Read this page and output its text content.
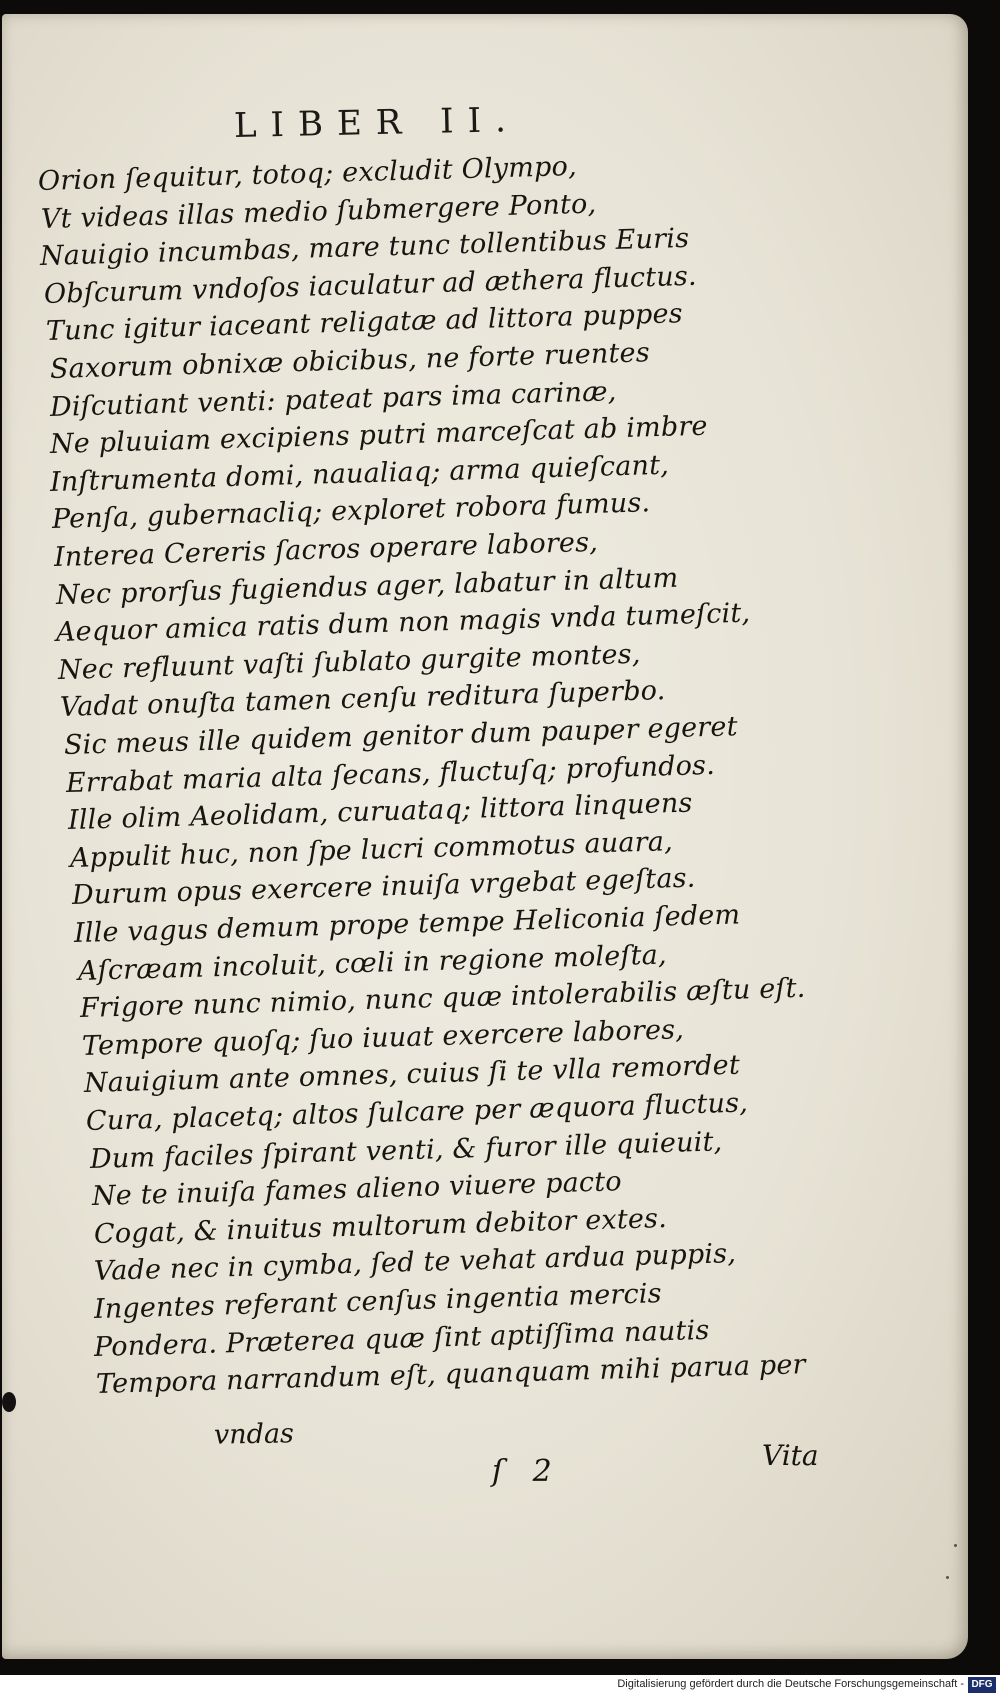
LIBER II.
Orion ſequitur, totoq; excludit Olympo,
Vt videas illas medio ſubmergere Ponto,
Nauigio incumbas, mare tunc tollentibus Euris
Obſcurum vndoſos iaculatur ad æthera fluctus.
Tunc igitur iaceant religatæ ad littora puppes
Saxorum obnixæ obicibus, ne forte ruentes
Diſcutiant venti: pateat pars ima carinæ,
Ne pluuiam excipiens putri marceſcat ab imbre
Inſtrumenta domi, naualiaq; arma quieſcant,
Penſa, gubernacliq; exploret robora fumus.
Interea Cereris ſacros operare labores,
Nec prorſus fugiendus ager, labatur in altum
Aequor amica ratis dum non magis vnda tumeſcit,
Nec refluunt vaſti ſublato gurgite montes,
Vadat onuſta tamen cenſu reditura ſuperbo.
Sic meus ille quidem genitor dum pauper egeret
Errabat maria alta ſecans, fluctuſq; profundos.
Ille olim Aeolidam, curuataq; littora linquens
Appulit huc, non ſpe lucri commotus auara,
Durum opus exercere inuiſa vrgebat egeſtas.
Ille vagus demum prope tempe Heliconia ſedem
Aſcræam incoluit, cœli in regione moleſta,
Frigore nunc nimio, nunc quæ intolerabilis æſtu eſt.
Tempore quoſq; ſuo iuuat exercere labores,
Nauigium ante omnes, cuius ſi te vlla remordet
Cura, placetq; altos ſulcare per æquora fluctus,
Dum faciles ſpirant venti, & furor ille quieuit,
Ne te inuiſa fames alieno viuere pacto
Cogat, & inuitus multorum debitor extes.
Vade nec in cymba, ſed te vehat ardua puppis,
Ingentes referant cenſus ingentia mercis
Pondera. Præterea quæ ſint aptiſſima nautis
Tempora narrandum eſt, quanquam mihi parua per
vndas
ſ 2	Vita
Digitalisierung gefördert durch die Deutsche Forschungsgemeinschaft - DFG
